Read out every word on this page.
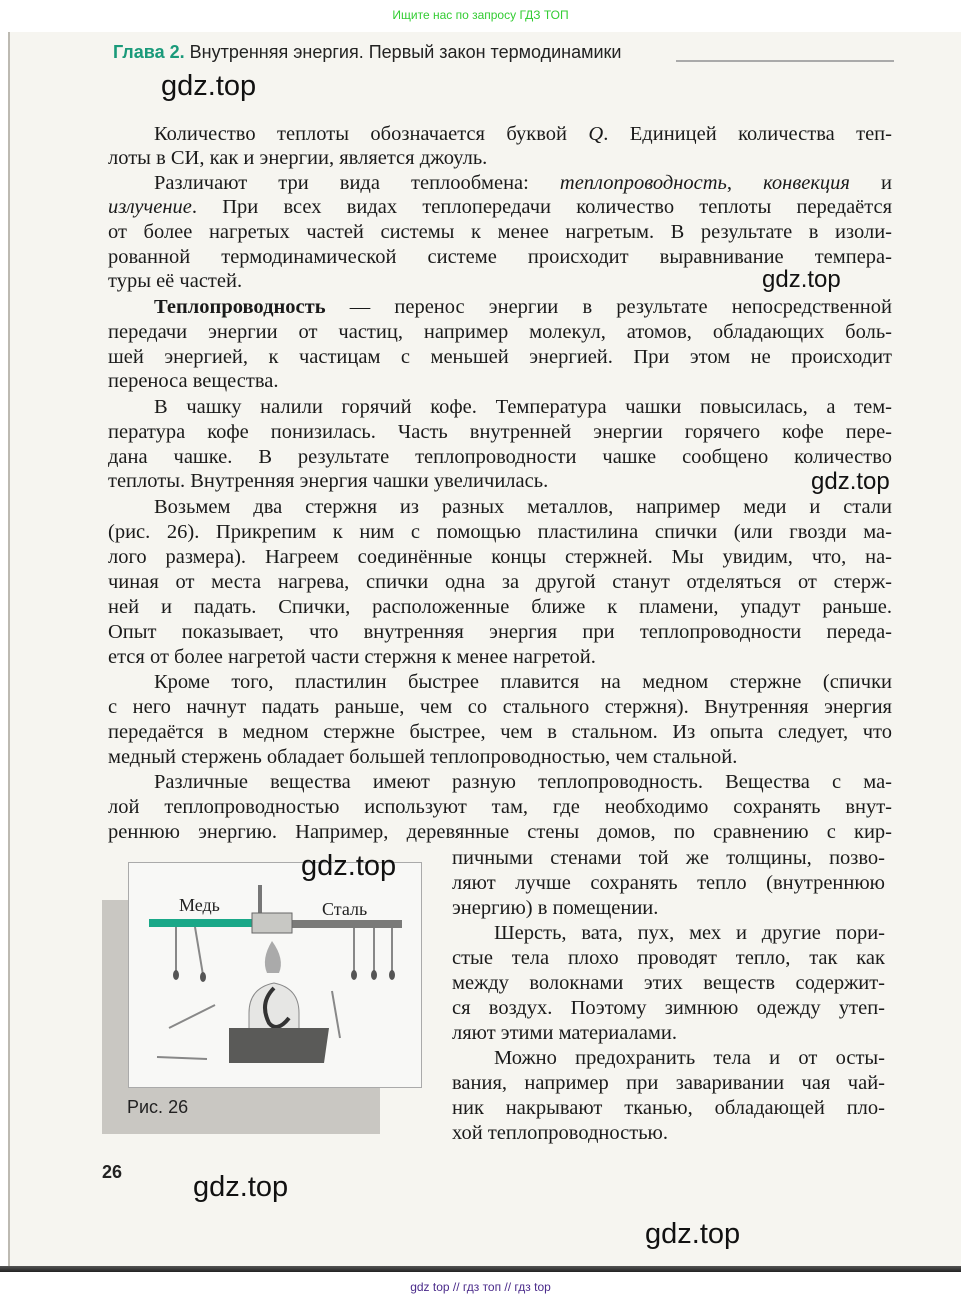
Ищите нас по запросу ГДЗ ТОП
Глава 2. Внутренняя энергия. Первый закон термодинамики
Количество теплоты обозначается буквой Q. Единицей количества теп-
лоты в СИ, как и энергии, является джоуль.
Различают три вида теплообмена: теплопроводность, конвекция и
излучение. При всех видах теплопередачи количество теплоты передаётся
от более нагретых частей системы к менее нагретым. В результате в изоли-
рованной термодинамической системе происходит выравнивание темпера-
туры её частей.
Теплопроводность — перенос энергии в результате непосредственной
передачи энергии от частиц, например молекул, атомов, обладающих боль-
шей энергией, к частицам с меньшей энергией. При этом не происходит
переноса вещества.
В чашку налили горячий кофе. Температура чашки повысилась, а тем-
пература кофе понизилась. Часть внутренней энергии горячего кофе пере-
дана чашке. В результате теплопроводности чашке сообщено количество
теплоты. Внутренняя энергия чашки увеличилась.
Возьмем два стержня из разных металлов, например меди и стали
(рис. 26). Прикрепим к ним с помощью пластилина спички (или гвозди ма-
лого размера). Нагреем соединённые концы стержней. Мы увидим, что, на-
чиная от места нагрева, спички одна за другой станут отделяться от стерж-
ней и падать. Спички, расположенные ближе к пламени, упадут раньше.
Опыт показывает, что внутренняя энергия при теплопроводности переда-
ется от более нагретой части стержня к менее нагретой.
Кроме того, пластилин быстрее плавится на медном стержне (спички
с него начнут падать раньше, чем со стального стержня). Внутренняя энергия
передаётся в медном стержне быстрее, чем в стальном. Из опыта следует, что
медный стержень обладает большей теплопроводностью, чем стальной.
Различные вещества имеют разную теплопроводность. Вещества с ма-
лой теплопроводностью используют там, где необходимо сохранять внут-
реннюю энергию. Например, деревянные стены домов, по сравнению с кир-
пичными стенами той же толщины, позво-
ляют лучше сохранять тепло (внутреннюю
энергию) в помещении.
Шерсть, вата, пух, мех и другие пори-
стые тела плохо проводят тепло, так как
между волокнами этих веществ содержит-
ся воздух. Поэтому зимнюю одежду утеп-
ляют этими материалами.
Можно предохранить тела и от осты-
вания, например при заваривании чая чай-
ник накрывают тканью, обладающей пло-
хой теплопроводностью.
Медь	Сталь
Рис. 26
26
gdz.top
gdz.top
gdz.top
gdz.top
gdz.top
gdz.top
gdz top // гдз топ // гдз top
